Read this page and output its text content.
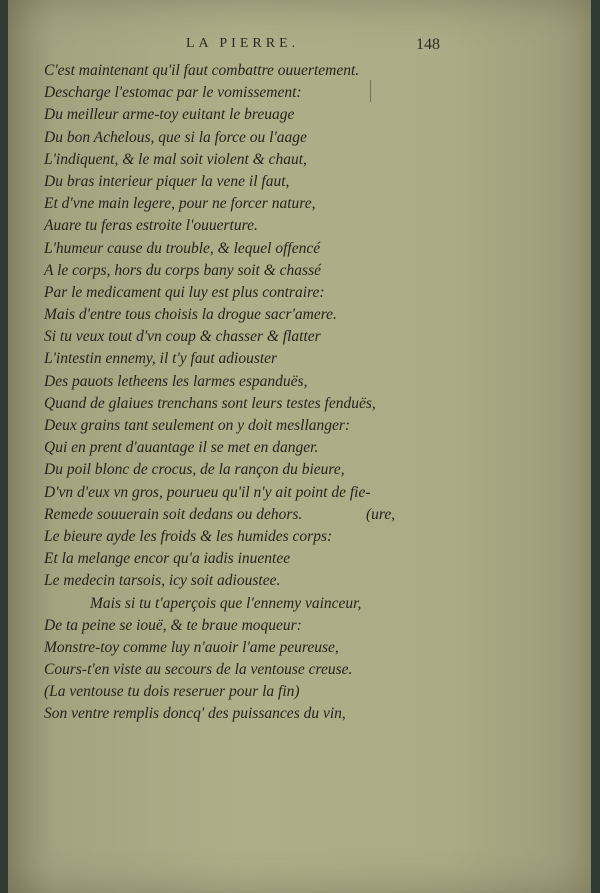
LA PIERRE.	148
C'est maintenant qu'il faut combattre ouuertement.
Descharge l'estomac par le vomissement:
Du meilleur arme-toy euitant le breuage
Du bon Achelous, que si la force ou l'aage
L'indiquent, & le mal soit violent & chaut,
Du bras interieur piquer la vene il faut,
Et d'vne main legere, pour ne forcer nature,
Auare tu feras estroite l'ouuerture.
L'humeur cause du trouble, & lequel offencé
A le corps, hors du corps bany soit & chassé
Par le medicament qui luy est plus contraire:
Mais d'entre tous choisis la drogue sacr'amere.
Si tu veux tout d'vn coup & chasser & flatter
L'intestin ennemy, il t'y faut adiouster
Des pauots letheens les larmes espanduës,
Quand de glaiues trenchans sont leurs testes fenduës,
Deux grains tant seulement on y doit mesllanger:
Qui en prent d'auantage il se met en danger.
Du poil blonc de crocus, de la rançon du bieure,
D'vn d'eux vn gros, pourueu qu'il n'y ait point de fie-
Remede souuerain soit dedans ou dehors.	(ure,
Le bieure ayde les froids & les humides corps:
Et la melange encor qu'a iadis inuentee
Le medecin tarsois, icy soit adioustee.
Mais si tu t'aperçois que l'ennemy vainceur,
De ta peine se iouë, & te braue moqueur:
Monstre-toy comme luy n'auoir l'ame peureuse,
Cours-t'en viste au secours de la ventouse creuse.
(La ventouse tu dois reseruer pour la fin)
Son ventre remplis doncq' des puissances du vin,
